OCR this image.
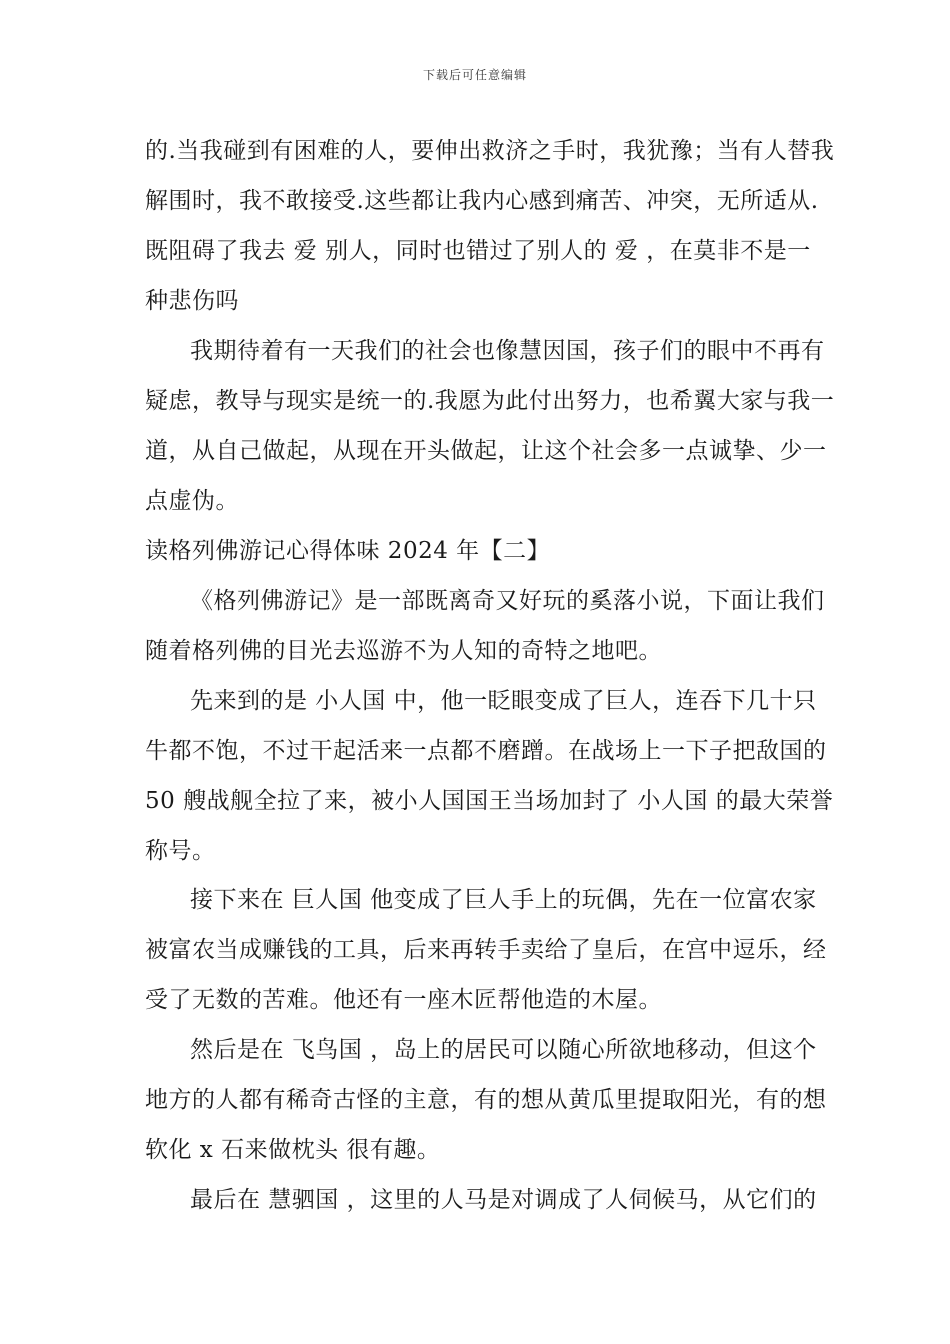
下载后可任意编辑
的.当我碰到有困难的人，要伸出救济之手时，我犹豫；当有人替我
解围时，我不敢接受.这些都让我内心感到痛苦、冲突，无所适从.
既阻碍了我去 爱 别人，同时也错过了别人的 爱 ，在莫非不是一
种悲伤吗
我期待着有一天我们的社会也像慧因国，孩子们的眼中不再有
疑虑，教导与现实是统一的.我愿为此付出努力，也希翼大家与我一
道，从自己做起，从现在开头做起，让这个社会多一点诚挚、少一
点虚伪。
读格列佛游记心得体味 2024 年【二】
《格列佛游记》是一部既离奇又好玩的奚落小说，下面让我们
随着格列佛的目光去巡游不为人知的奇特之地吧。
先来到的是 小人国 中，他一眨眼变成了巨人，连吞下几十只
牛都不饱，不过干起活来一点都不磨蹭。在战场上一下子把敌国的
50 艘战舰全拉了来，被小人国国王当场加封了 小人国 的最大荣誉
称号。
接下来在 巨人国 他变成了巨人手上的玩偶，先在一位富农家
被富农当成赚钱的工具，后来再转手卖给了皇后，在宫中逗乐，经
受了无数的苦难。他还有一座木匠帮他造的木屋。
然后是在 飞鸟国 ，岛上的居民可以随心所欲地移动，但这个
地方的人都有稀奇古怪的主意，有的想从黄瓜里提取阳光，有的想
软化 x 石来做枕头 很有趣。
最后在 慧驷国 ，这里的人马是对调成了人伺候马，从它们的
